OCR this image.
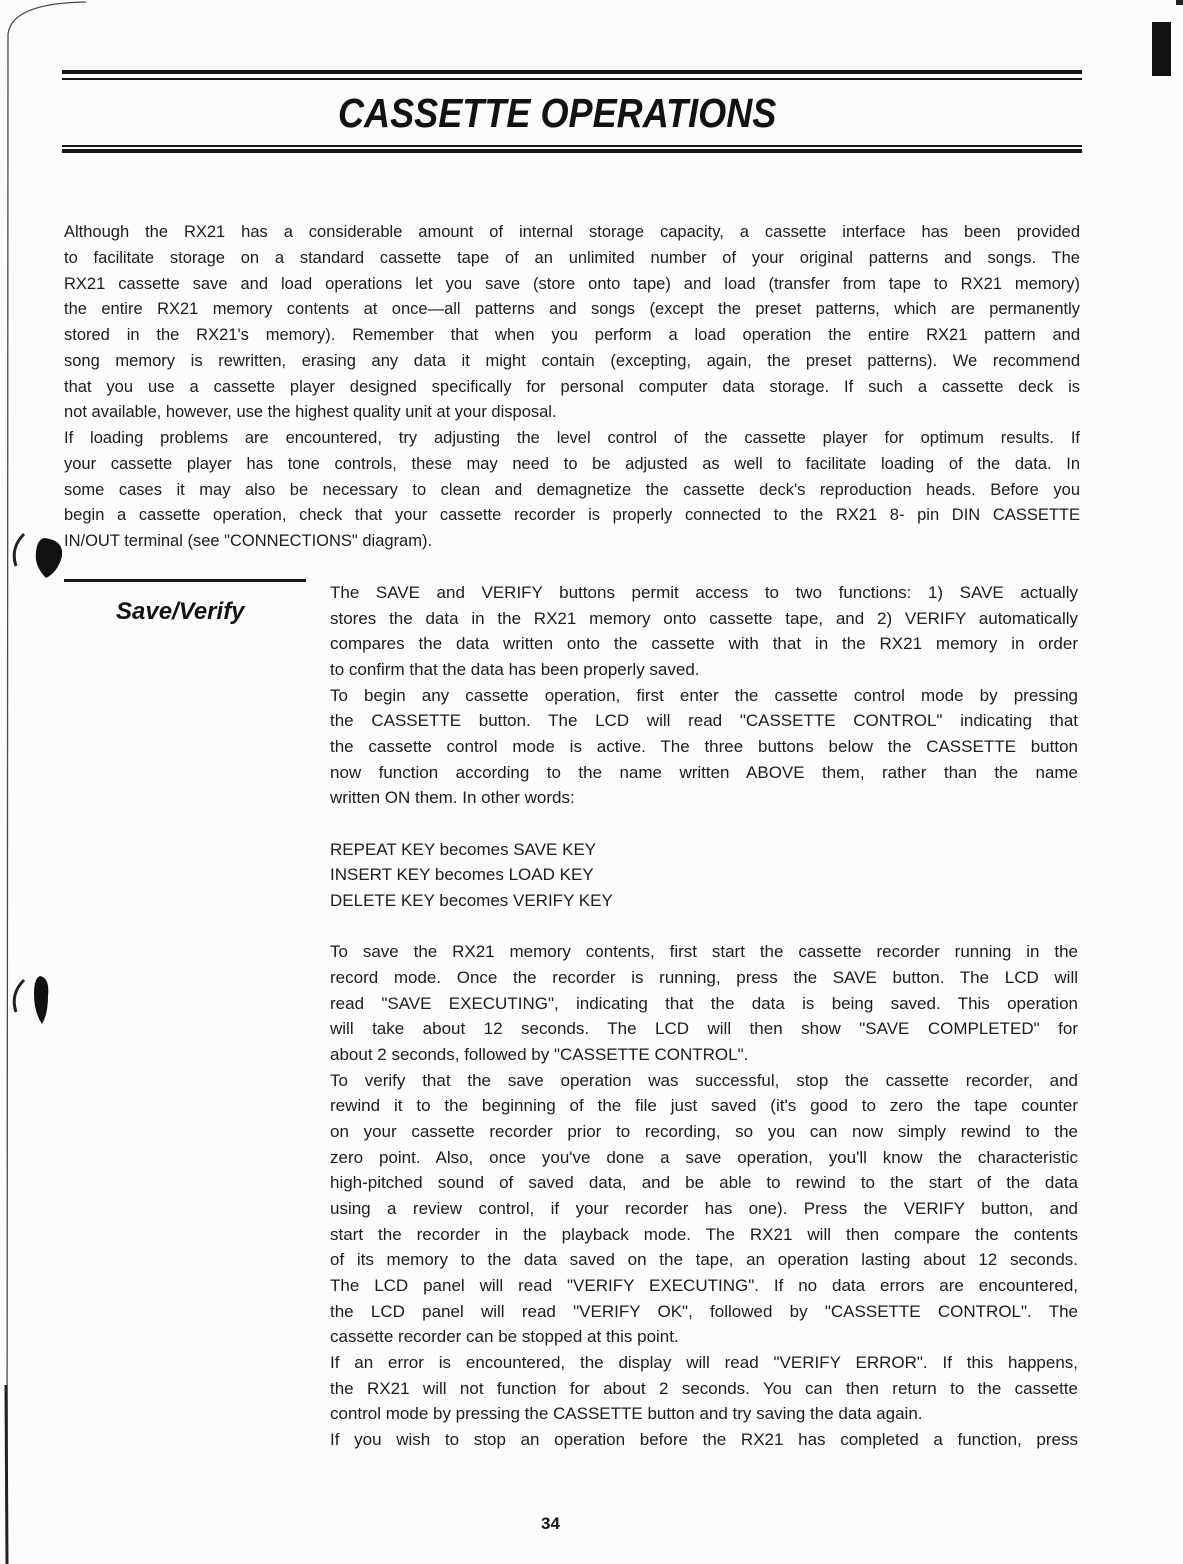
CASSETTE OPERATIONS
Although the RX21 has a considerable amount of internal storage capacity, a cassette interface has been provided
to facilitate storage on a standard cassette tape of an unlimited number of your original patterns and songs. The
RX21 cassette save and load operations let you save (store onto tape) and load (transfer from tape to RX21 memory)
the entire RX21 memory contents at once—all patterns and songs (except the preset patterns, which are permanently
stored in the RX21's memory). Remember that when you perform a load operation the entire RX21 pattern and
song memory is rewritten, erasing any data it might contain (excepting, again, the preset patterns). We recommend
that you use a cassette player designed specifically for personal computer data storage. If such a cassette deck is
not available, however, use the highest quality unit at your disposal.
If loading problems are encountered, try adjusting the level control of the cassette player for optimum results. If
your cassette player has tone controls, these may need to be adjusted as well to facilitate loading of the data. In
some cases it may also be necessary to clean and demagnetize the cassette deck's reproduction heads. Before you
begin a cassette operation, check that your cassette recorder is properly connected to the RX21 8- pin DIN CASSETTE
IN/OUT terminal (see "CONNECTIONS" diagram).
Save/Verify
The SAVE and VERIFY buttons permit access to two functions: 1) SAVE actually
stores the data in the RX21 memory onto cassette tape, and 2) VERIFY automatically
compares the data written onto the cassette with that in the RX21 memory in order
to confirm that the data has been properly saved.
To begin any cassette operation, first enter the cassette control mode by pressing
the CASSETTE button. The LCD will read "CASSETTE CONTROL" indicating that
the cassette control mode is active. The three buttons below the CASSETTE button
now function according to the name written ABOVE them, rather than the name
written ON them. In other words:
REPEAT KEY becomes SAVE KEY
INSERT KEY becomes LOAD KEY
DELETE KEY becomes VERIFY KEY
To save the RX21 memory contents, first start the cassette recorder running in the
record mode. Once the recorder is running, press the SAVE button. The LCD will
read "SAVE EXECUTING", indicating that the data is being saved. This operation
will take about 12 seconds. The LCD will then show "SAVE COMPLETED" for
about 2 seconds, followed by "CASSETTE CONTROL".
To verify that the save operation was successful, stop the cassette recorder, and
rewind it to the beginning of the file just saved (it's good to zero the tape counter
on your cassette recorder prior to recording, so you can now simply rewind to the
zero point. Also, once you've done a save operation, you'll know the characteristic
high-pitched sound of saved data, and be able to rewind to the start of the data
using a review control, if your recorder has one). Press the VERIFY button, and
start the recorder in the playback mode. The RX21 will then compare the contents
of its memory to the data saved on the tape, an operation lasting about 12 seconds.
The LCD panel will read "VERIFY EXECUTING". If no data errors are encountered,
the LCD panel will read "VERIFY OK", followed by "CASSETTE CONTROL". The
cassette recorder can be stopped at this point.
If an error is encountered, the display will read "VERIFY ERROR". If this happens,
the RX21 will not function for about 2 seconds. You can then return to the cassette
control mode by pressing the CASSETTE button and try saving the data again.
If you wish to stop an operation before the RX21 has completed a function, press
34
